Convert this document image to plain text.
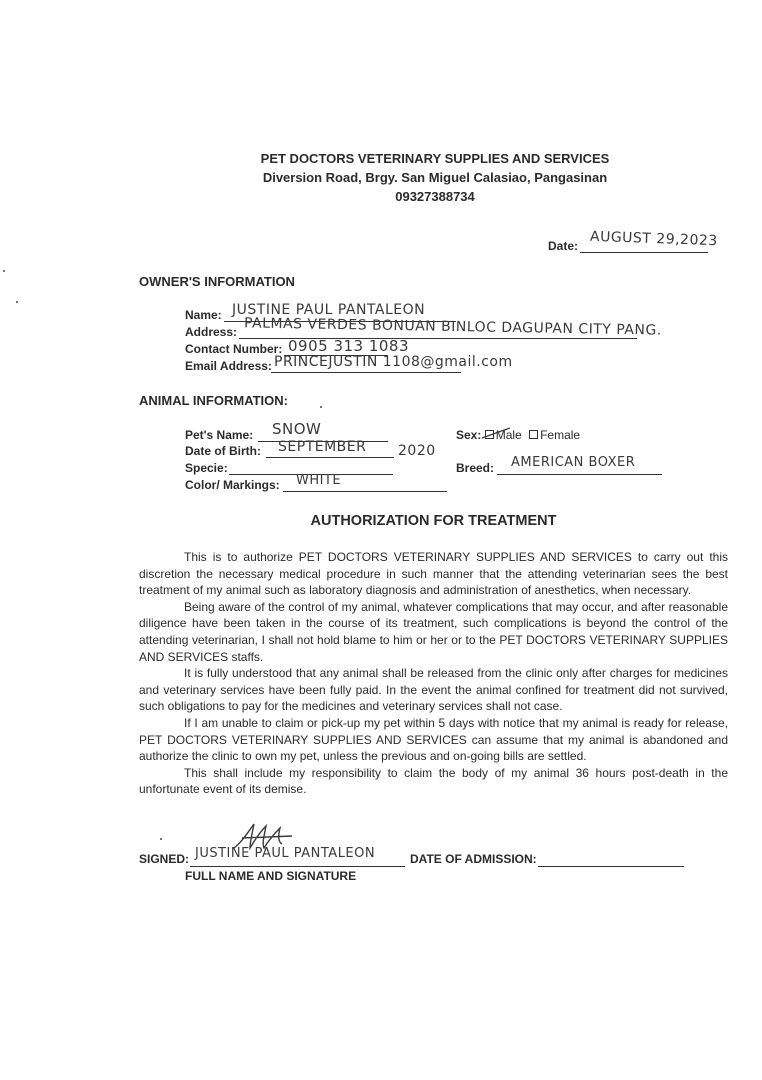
PET DOCTORS VETERINARY SUPPLIES AND SERVICES
Diversion Road, Brgy. San Miguel Calasiao, Pangasinan
09327388734
Date: AUGUST 29,2023
OWNER'S INFORMATION
Name: JUSTINE PAUL PANTALEON
Address: PALMAS VERDES BONUAN BINLOC DAGUPAN CITY PANG.
Contact Number: 0905 313 1083
Email Address: PRINCEJUSTIN 1108@gmail.com
ANIMAL INFORMATION:
Pet's Name: SNOW
Date of Birth: SEPTEMBER 2020
Specie:
Color/ Markings: WHITE
Sex: Male Female
Breed: AMERICAN BOXER
AUTHORIZATION FOR TREATMENT

This is to authorize PET DOCTORS VETERINARY SUPPLIES AND SERVICES to carry out this discretion the necessary medical procedure in such manner that the attending veterinarian sees the best treatment of my animal such as laboratory diagnosis and administration of anesthetics, when necessary.

Being aware of the control of my animal, whatever complications that may occur, and after reasonable diligence have been taken in the course of its treatment, such complications is beyond the control of the attending veterinarian, I shall not hold blame to him or her or to the PET DOCTORS VETERINARY SUPPLIES AND SERVICES staffs.

It is fully understood that any animal shall be released from the clinic only after charges for medicines and veterinary services have been fully paid. In the event the animal confined for treatment did not survived, such obligations to pay for the medicines and veterinary services shall not case.

If I am unable to claim or pick-up my pet within 5 days with notice that my animal is ready for release, PET DOCTORS VETERINARY SUPPLIES AND SERVICES can assume that my animal is abandoned and authorize the clinic to own my pet, unless the previous and on-going bills are settled.

This shall include my responsibility to claim the body of my animal 36 hours post-death in the unfortunate event of its demise.

SIGNED: JUSTINE PAUL PANTALEON	DATE OF ADMISSION:
FULL NAME AND SIGNATURE
